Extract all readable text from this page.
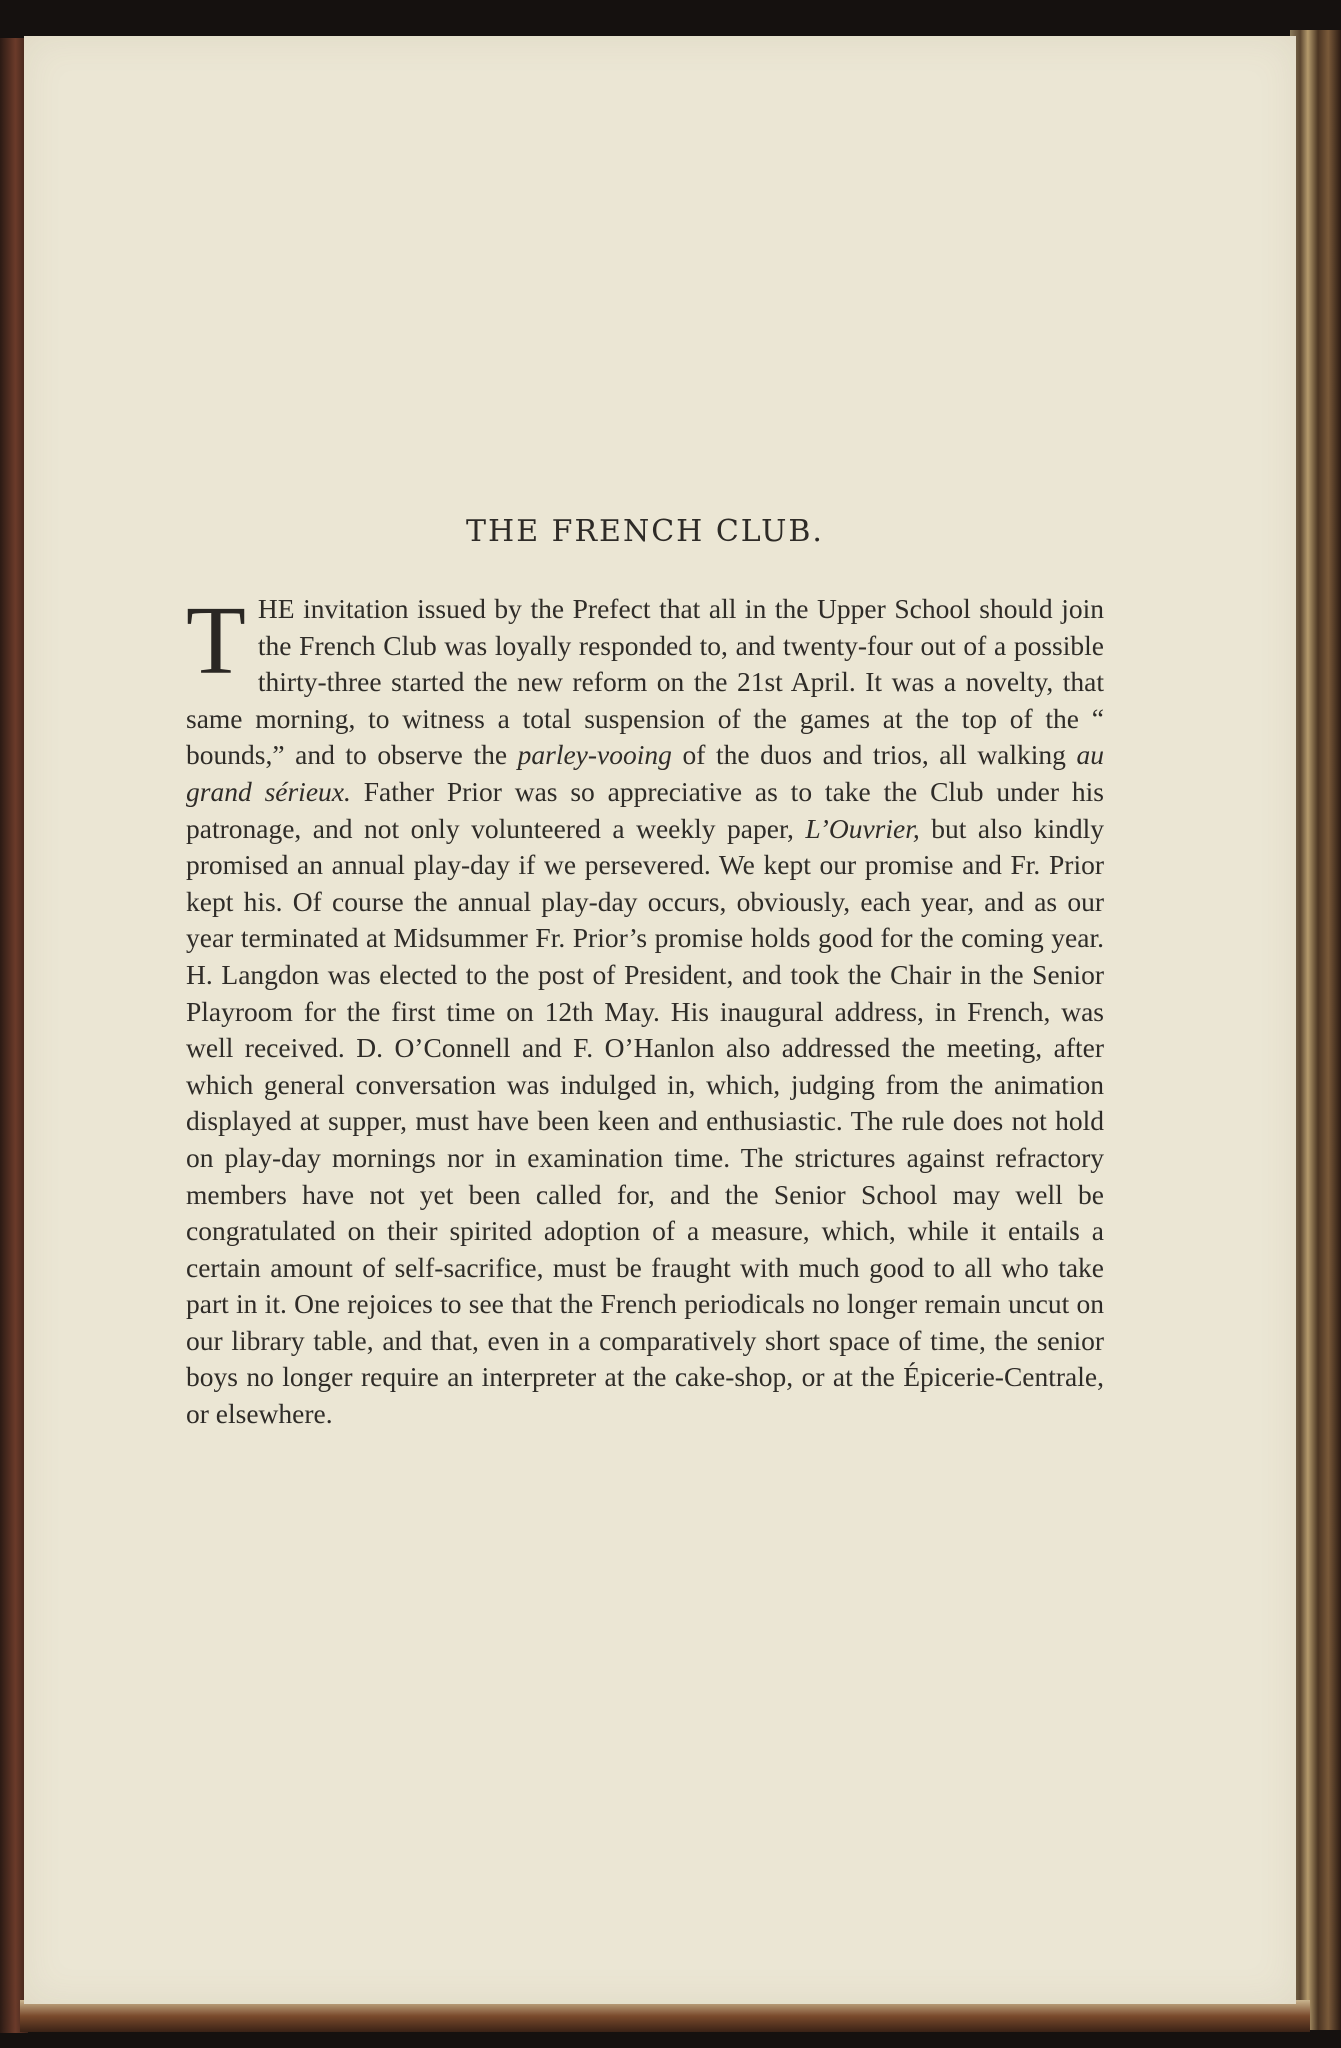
THE FRENCH CLUB.

T HE invitation issued by the Prefect that all in the Upper School should join the French Club was loyally responded to, and twenty-four out of a possible thirty-three started the new reform on the 21st April. It was a novelty, that same morning, to witness a total suspension of the games at the top of the “ bounds,” and to observe the parley-vooing of the duos and trios, all walking au grand sérieux. Father Prior was so appreciative as to take the Club under his patronage, and not only volunteered a weekly paper, L’Ouvrier, but also kindly promised an annual play-day if we persevered. We kept our promise and Fr. Prior kept his. Of course the annual play-day occurs, obviously, each year, and as our year terminated at Midsummer Fr. Prior’s promise holds good for the coming year. H. Langdon was elected to the post of President, and took the Chair in the Senior Playroom for the first time on 12th May. His inaugural address, in French, was well received. D. O’Connell and F. O’Hanlon also addressed the meeting, after which general conversation was indulged in, which, judging from the animation displayed at supper, must have been keen and enthusiastic. The rule does not hold on play-day mornings nor in examination time. The strictures against refractory members have not yet been called for, and the Senior School may well be congratulated on their spirited adoption of a measure, which, while it entails a certain amount of self-sacrifice, must be fraught with much good to all who take part in it. One rejoices to see that the French periodicals no longer remain uncut on our library table, and that, even in a comparatively short space of time, the senior boys no longer require an interpreter at the cake-shop, or at the Épicerie-Centrale, or elsewhere.
